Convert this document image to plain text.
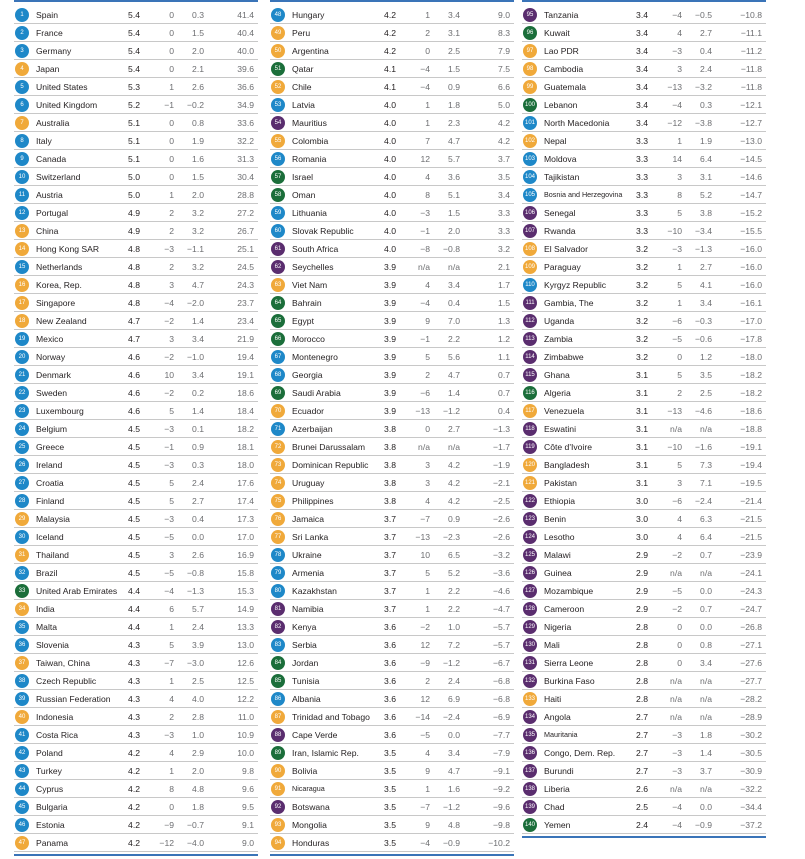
1	Spain	5.4	0	0.3	41.4
2	France	5.4	0	1.5	40.4
3	Germany	5.4	0	2.0	40.0
4	Japan	5.4	0	2.1	39.6
5	United States	5.3	1	2.6	36.6
6	United Kingdom	5.2	−1	−0.2	34.9
7	Australia	5.1	0	0.8	33.6
8	Italy	5.1	0	1.9	32.2
9	Canada	5.1	0	1.6	31.3
10	Switzerland	5.0	0	1.5	30.4
11	Austria	5.0	1	2.0	28.8
12	Portugal	4.9	2	3.2	27.2
13	China	4.9	2	3.2	26.7
14	Hong Kong SAR	4.8	−3	−1.1	25.1
15	Netherlands	4.8	2	3.2	24.5
16	Korea, Rep.	4.8	3	4.7	24.3
17	Singapore	4.8	−4	−2.0	23.7
18	New Zealand	4.7	−2	1.4	23.4
19	Mexico	4.7	3	3.4	21.9
20	Norway	4.6	−2	−1.0	19.4
21	Denmark	4.6	10	3.4	19.1
22	Sweden	4.6	−2	0.2	18.6
23	Luxembourg	4.6	5	1.4	18.4
24	Belgium	4.5	−3	0.1	18.2
25	Greece	4.5	−1	0.9	18.1
26	Ireland	4.5	−3	0.3	18.0
27	Croatia	4.5	5	2.4	17.6
28	Finland	4.5	5	2.7	17.4
29	Malaysia	4.5	−3	0.4	17.3
30	Iceland	4.5	−5	0.0	17.0
31	Thailand	4.5	3	2.6	16.9
32	Brazil	4.5	−5	−0.8	15.8
33	United Arab Emirates	4.4	−4	−1.3	15.3
34	India	4.4	6	5.7	14.9
35	Malta	4.4	1	2.4	13.3
36	Slovenia	4.3	5	3.9	13.0
37	Taiwan, China	4.3	−7	−3.0	12.6
38	Czech Republic	4.3	1	2.5	12.5
39	Russian Federation	4.3	4	4.0	12.2
40	Indonesia	4.3	2	2.8	11.0
41	Costa Rica	4.3	−3	1.0	10.9
42	Poland	4.2	4	2.9	10.0
43	Turkey	4.2	1	2.0	9.8
44	Cyprus	4.2	8	4.8	9.6
45	Bulgaria	4.2	0	1.8	9.5
46	Estonia	4.2	−9	−0.7	9.1
47	Panama	4.2	−12	−4.0	9.0
48	Hungary	4.2	1	3.4	9.0
49	Peru	4.2	2	3.1	8.3
50	Argentina	4.2	0	2.5	7.9
51	Qatar	4.1	−4	1.5	7.5
52	Chile	4.1	−4	0.9	6.6
53	Latvia	4.0	1	1.8	5.0
54	Mauritius	4.0	1	2.3	4.2
55	Colombia	4.0	7	4.7	4.2
56	Romania	4.0	12	5.7	3.7
57	Israel	4.0	4	3.6	3.5
58	Oman	4.0	8	5.1	3.4
59	Lithuania	4.0	−3	1.5	3.3
60	Slovak Republic	4.0	−1	2.0	3.3
61	South Africa	4.0	−8	−0.8	3.2
62	Seychelles	3.9	n/a	n/a	2.1
63	Viet Nam	3.9	4	3.4	1.7
64	Bahrain	3.9	−4	0.4	1.5
65	Egypt	3.9	9	7.0	1.3
66	Morocco	3.9	−1	2.2	1.2
67	Montenegro	3.9	5	5.6	1.1
68	Georgia	3.9	2	4.7	0.7
69	Saudi Arabia	3.9	−6	1.4	0.7
70	Ecuador	3.9	−13	−1.2	0.4
71	Azerbaijan	3.8	0	2.7	−1.3
72	Brunei Darussalam	3.8	n/a	n/a	−1.7
73	Dominican Republic	3.8	3	4.2	−1.9
74	Uruguay	3.8	3	4.2	−2.1
75	Philippines	3.8	4	4.2	−2.5
76	Jamaica	3.7	−7	0.9	−2.6
77	Sri Lanka	3.7	−13	−2.3	−2.6
78	Ukraine	3.7	10	6.5	−3.2
79	Armenia	3.7	5	5.2	−3.6
80	Kazakhstan	3.7	1	2.2	−4.6
81	Namibia	3.7	1	2.2	−4.7
82	Kenya	3.6	−2	1.0	−5.7
83	Serbia	3.6	12	7.2	−5.7
84	Jordan	3.6	−9	−1.2	−6.7
85	Tunisia	3.6	2	2.4	−6.8
86	Albania	3.6	12	6.9	−6.8
87	Trinidad and Tobago	3.6	−14	−2.4	−6.9
88	Cape Verde	3.6	−5	0.0	−7.7
89	Iran, Islamic Rep.	3.5	4	3.4	−7.9
90	Bolivia	3.5	9	4.7	−9.1
91	Nicaragua	3.5	1	1.6	−9.2
92	Botswana	3.5	−7	−1.2	−9.6
93	Mongolia	3.5	9	4.8	−9.8
94	Honduras	3.5	−4	−0.9	−10.2
95	Tanzania	3.4	−4	−0.5	−10.8
96	Kuwait	3.4	4	2.7	−11.1
97	Lao PDR	3.4	−3	0.4	−11.2
98	Cambodia	3.4	3	2.4	−11.8
99	Guatemala	3.4	−13	−3.2	−11.8
100 Lebanon	3.4	−4	0.3	−12.1
101 North Macedonia	3.4	−12	−3.8	−12.7
102 Nepal	3.3	1	1.9	−13.0
103 Moldova	3.3	14	6.4	−14.5
104 Tajikistan	3.3	3	3.1	−14.6
105 Bosnia and Herzegovina	3.3	8	5.2	−14.7
106 Senegal	3.3	5	3.8	−15.2
107 Rwanda	3.3	−10	−3.4	−15.5
108 El Salvador	3.2	−3	−1.3	−16.0
109 Paraguay	3.2	1	2.7	−16.0
110 Kyrgyz Republic	3.2	5	4.1	−16.0
111 Gambia, The	3.2	1	3.4	−16.1
112 Uganda	3.2	−6	−0.3	−17.0
113 Zambia	3.2	−5	−0.6	−17.8
114 Zimbabwe	3.2	0	1.2	−18.0
115 Ghana	3.1	5	3.5	−18.2
116 Algeria	3.1	2	2.5	−18.2
117 Venezuela	3.1	−13	−4.6	−18.6
118 Eswatini	3.1	n/a	n/a	−18.8
119 Côte d'Ivoire	3.1	−10	−1.6	−19.1
120 Bangladesh	3.1	5	7.3	−19.4
121 Pakistan	3.1	3	7.1	−19.5
122 Ethiopia	3.0	−6	−2.4	−21.4
123 Benin	3.0	4	6.3	−21.5
124 Lesotho	3.0	4	6.4	−21.5
125 Malawi	2.9	−2	0.7	−23.9
126 Guinea	2.9	n/a	n/a	−24.1
127 Mozambique	2.9	−5	0.0	−24.3
128 Cameroon	2.9	−2	0.7	−24.7
129 Nigeria	2.8	0	0.0	−26.8
130 Mali	2.8	0	0.8	−27.1
131 Sierra Leone	2.8	0	3.4	−27.6
132 Burkina Faso	2.8	n/a	n/a	−27.7
133 Haiti	2.8	n/a	n/a	−28.2
134 Angola	2.7	n/a	n/a	−28.9
135 Mauritania	2.7	−3	1.8	−30.2
136 Congo, Dem. Rep.	2.7	−3	1.4	−30.5
137 Burundi	2.7	−3	3.7	−30.9
138 Liberia	2.6	n/a	n/a	−32.2
139 Chad	2.5	−4	0.0	−34.4
140 Yemen	2.4	−4	−0.9	−37.2
